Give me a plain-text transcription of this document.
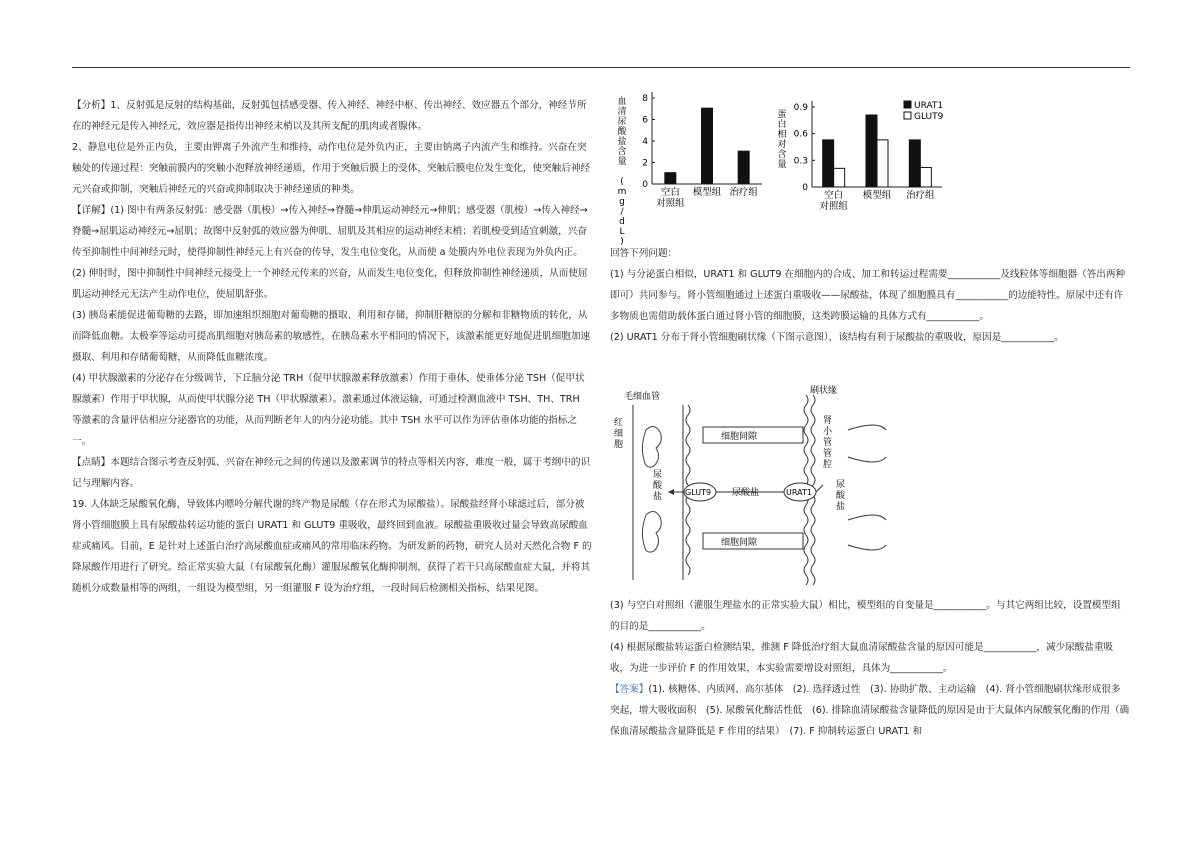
【分析】1、反射弧是反射的结构基础，反射弧包括感受器、传入神经、神经中枢、传出神经、效应器五个部分，神经节所在的神经元是传入神经元，效应器是指传出神经末梢以及其所支配的肌肉或者腺体。

2、静息电位是外正内负，主要由钾离子外流产生和维持，动作电位是外负内正，主要由钠离子内流产生和维持。兴奋在突触处的传递过程：突触前膜内的突触小泡释放神经递质，作用于突触后膜上的受体，突触后膜电位发生变化，使突触后神经元兴奋或抑制，突触后神经元的兴奋或抑制取决于神经递质的种类。

【详解】(1) 图中有两条反射弧：感受器（肌梭）→传入神经→脊髓→伸肌运动神经元→伸肌；感受器（肌梭）→传入神经→脊髓→屈肌运动神经元→屈肌；故图中反射弧的效应器为伸肌、屈肌及其相应的运动神经末梢；若肌梭受到适宜刺激，兴奋传至抑制性中间神经元时，使得抑制性神经元上有兴奋的传导，发生电位变化，从而使 a 处膜内外电位表现为外负内正。

(2) 伸肘时，图中抑制性中间神经元接受上一个神经元传来的兴奋，从而发生电位变化，但释放抑制性神经递质，从而使屈肌运动神经元无法产生动作电位，使屈肌舒张。

(3) 胰岛素能促进葡萄糖的去路，即加速组织细胞对葡萄糖的摄取、利用和存储，抑制肝糖原的分解和非糖物质的转化，从而降低血糖。太极拳等运动可提高肌细胞对胰岛素的敏感性，在胰岛素水平相同的情况下，该激素能更好地促进肌细胞加速摄取、利用和存储葡萄糖，从而降低血糖浓度。

(4) 甲状腺激素的分泌存在分级调节，下丘脑分泌 TRH（促甲状腺激素释放激素）作用于垂体，使垂体分泌 TSH（促甲状腺激素）作用于甲状腺，从而使甲状腺分泌 TH（甲状腺激素）。激素通过体液运输，可通过检测血液中 TSH、TH、TRH 等激素的含量评估相应分泌器官的功能，从而判断老年人的内分泌功能。其中 TSH 水平可以作为评估垂体功能的指标之一。

【点睛】本题结合图示考查反射弧、兴奋在神经元之间的传递以及激素调节的特点等相关内容，难度一般，属于考纲中的识记与理解内容。

19. 人体缺乏尿酸氧化酶，导致体内嘌呤分解代谢的终产物是尿酸（存在形式为尿酸盐）。尿酸盐经肾小球滤过后，部分被肾小管细胞膜上具有尿酸盐转运功能的蛋白 URAT1 和 GLUT9 重吸收，最终回到血液。尿酸盐重吸收过量会导致高尿酸血症或痛风。目前，E 是针对上述蛋白治疗高尿酸血症或痛风的常用临床药物。为研发新的药物，研究人员对天然化合物 F 的降尿酸作用进行了研究。给正常实验大鼠（有尿酸氧化酶）灌服尿酸氧化酶抑制剂，获得了若干只高尿酸血症大鼠，并将其随机分成数量相等的两组，一组设为模型组，另一组灌服 F 设为治疗组，一段时间后检测相关指标，结果见图。

0
2
4
6
8
血清尿酸盐含量 ( m g / d L )
空白
对照组
模型组 治疗组	0
0.3
0.6
0.9
蛋白相对含量
空白
对照组
模型组 治疗组
URAT1
GLUT9

回答下列问题：

(1) 与分泌蛋白相似，URAT1 和 GLUT9 在细胞内的合成、加工和转运过程需要___________及线粒体等细胞器（答出两种即可）共同参与。肾小管细胞通过上述蛋白重吸收——尿酸盐，体现了细胞膜具有___________的边能特性。原尿中还有许多物质也需借助载体蛋白通过肾小管的细胞膜，这类跨膜运输的具体方式有___________。

(2) URAT1 分布于肾小管细胞刷状缘（下图示意图），该结构有利于尿酸盐的重吸收，原因是___________。

红细胞
毛细血管
刷状缘
细胞间隙
细胞间隙
GLUT9	URAT1
尿酸盐
尿酸盐
肾小管管腔
尿酸盐

(3) 与空白对照组（灌服生理盐水的正常实验大鼠）相比，模型组的自变量是___________。与其它两组比较，设置模型组的目的是___________。

(4) 根据尿酸盐转运蛋白检测结果，推测 F 降低治疗组大鼠血清尿酸盐含量的原因可能是___________，减少尿酸盐重吸收，为进一步评价 F 的作用效果，本实验需要增设对照组，具体为___________。

【答案】(1). 核糖体、内质网、高尔基体　(2). 选择透过性　(3). 协助扩散、主动运输　(4). 肾小管细胞刷状缘形成很多突起，增大吸收面积　(5). 尿酸氧化酶活性低　(6). 排除血清尿酸盐含量降低的原因是由于大鼠体内尿酸氧化酶的作用（确保血清尿酸盐含量降低是 F 作用的结果）　(7). F 抑制转运蛋白 URAT1 和
